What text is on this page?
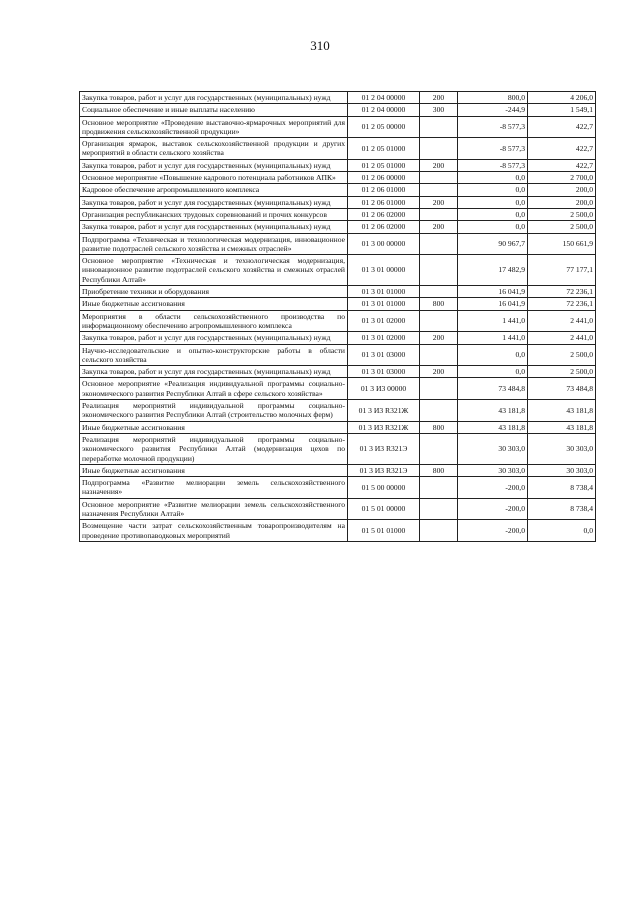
310
Закупка товаров, работ и услуг для государственных (муниципальных) нужд	01 2 04 00000	200	800,0	4 206,0
Социальное обеспечение и иные выплаты населению	01 2 04 00000	300	-244,9	1 549,1
Основное мероприятие «Проведение выставочно-ярмарочных мероприятий для продвижения сельскохозяйственной продукции»	01 2 05 00000		-8 577,3	422,7
Организация ярмарок, выставок сельскохозяйственной продукции и других мероприятий в области сельского хозяйства	01 2 05 01000		-8 577,3	422,7
Закупка товаров, работ и услуг для государственных (муниципальных) нужд	01 2 05 01000	200	-8 577,3	422,7
Основное мероприятие «Повышение кадрового потенциала работников АПК»	01 2 06 00000		0,0	2 700,0
Кадровое обеспечение агропромышленного комплекса	01 2 06 01000		0,0	200,0
Закупка товаров, работ и услуг для государственных (муниципальных) нужд	01 2 06 01000	200	0,0	200,0
Организация республиканских трудовых соревнований и прочих конкурсов	01 2 06 02000		0,0	2 500,0
Закупка товаров, работ и услуг для государственных (муниципальных) нужд	01 2 06 02000	200	0,0	2 500,0
Подпрограмма «Техническая и технологическая модернизация, инновационное развитие подотраслей сельского хозяйства и смежных отраслей»	01 3 00 00000		90 967,7	150 661,9
Основное мероприятие «Техническая и технологическая модернизация, инновационное развитие подотраслей сельского хозяйства и смежных отраслей Республики Алтай»	01 3 01 00000		17 482,9	77 177,1
Приобретение техники и оборудования	01 3 01 01000		16 041,9	72 236,1
Иные бюджетные ассигнования	01 3 01 01000	800	16 041,9	72 236,1
Мероприятия в области сельскохозяйственного производства по информационному обеспечению агропромышленного комплекса	01 3 01 02000		1 441,0	2 441,0
Закупка товаров, работ и услуг для государственных (муниципальных) нужд	01 3 01 02000	200	1 441,0	2 441,0
Научно-исследовательские и опытно-конструкторские работы в области сельского хозяйства	01 3 01 03000		0,0	2 500,0
Закупка товаров, работ и услуг для государственных (муниципальных) нужд	01 3 01 03000	200	0,0	2 500,0
Основное мероприятие «Реализация индивидуальной программы социально-экономического развития Республики Алтай в сфере сельского хозяйства»	01 3 И3 00000		73 484,8	73 484,8
Реализация мероприятий индивидуальной программы социально-экономического развития Республики Алтай (строительство молочных ферм)	01 3 И3 R321Ж		43 181,8	43 181,8
Иные бюджетные ассигнования	01 3 И3 R321Ж	800	43 181,8	43 181,8
Реализация мероприятий индивидуальной программы социально-экономического развития Республики Алтай (модернизация цехов по переработке молочной продукции)	01 3 И3 R321Э		30 303,0	30 303,0
Иные бюджетные ассигнования	01 3 И3 R321Э	800	30 303,0	30 303,0
Подпрограмма «Развитие мелиорации земель сельскохозяйственного назначения»	01 5 00 00000		-200,0	8 738,4
Основное мероприятие «Развитие мелиорации земель сельскохозяйственного назначения Республики Алтай»	01 5 01 00000		-200,0	8 738,4
Возмещение части затрат сельскохозяйственным товаропроизводителям на проведение противопаводковых мероприятий	01 5 01 01000		-200,0	0,0
